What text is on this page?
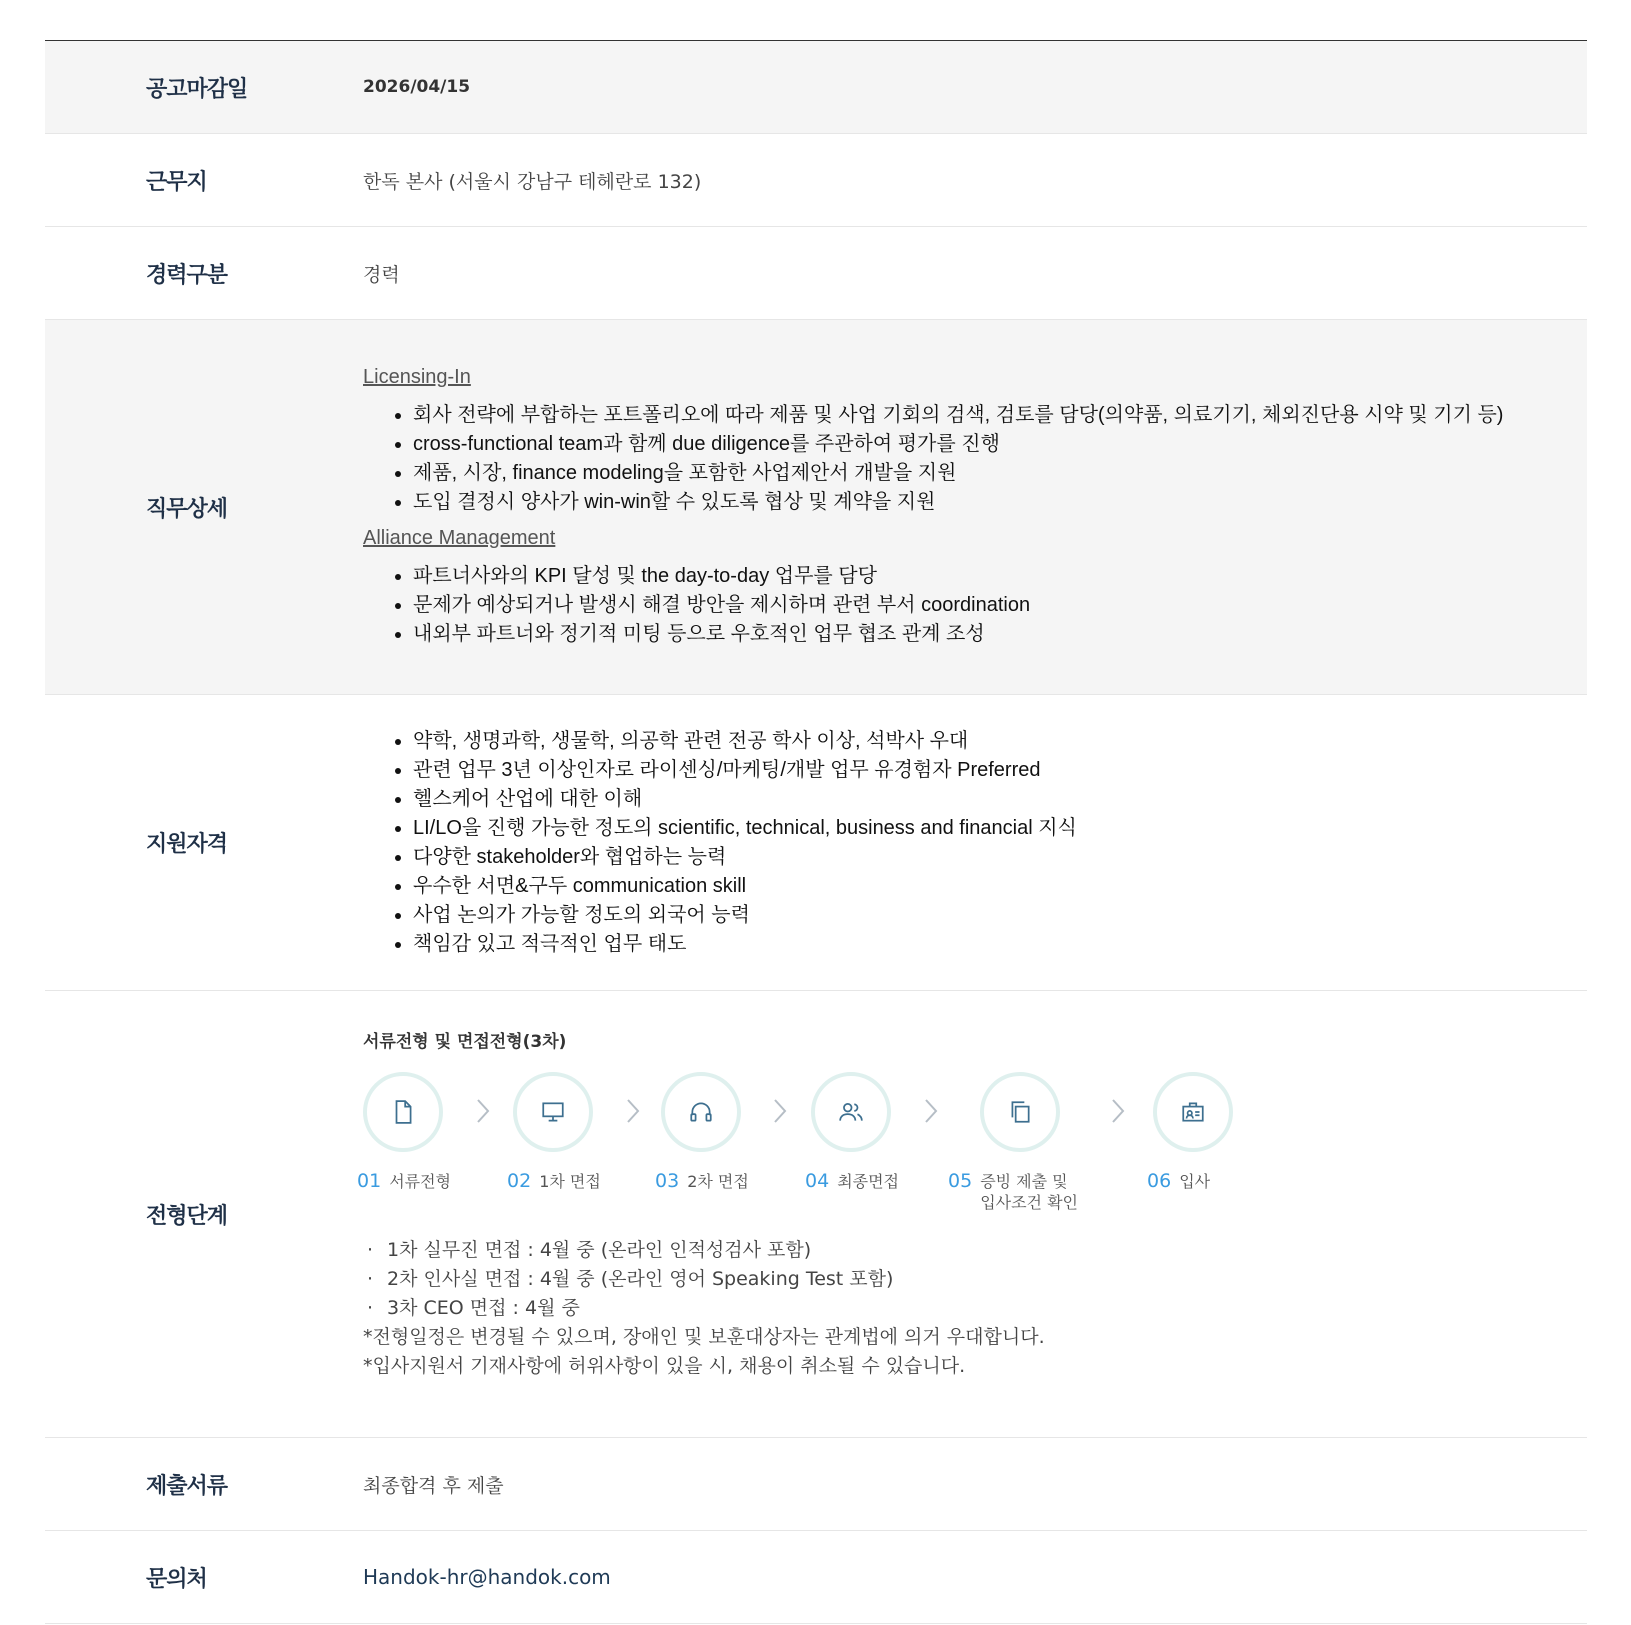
공고마감일	2026/04/15
근무지	한독 본사 (서울시 강남구 테헤란로 132)
경력구분	경력
직무상세
Licensing-In
• 회사 전략에 부합하는 포트폴리오에 따라 제품 및 사업 기회의 검색, 검토를 담당(의약품, 의료기기, 체외진단용 시약 및 기기 등)
• cross-functional team과 함께 due diligence를 주관하여 평가를 진행
• 제품, 시장, finance modeling을 포함한 사업제안서 개발을 지원
• 도입 결정시 양사가 win-win할 수 있도록 협상 및 계약을 지원
Alliance Management
• 파트너사와의 KPI 달성 및 the day-to-day 업무를 담당
• 문제가 예상되거나 발생시 해결 방안을 제시하며 관련 부서 coordination
• 내외부 파트너와 정기적 미팅 등으로 우호적인 업무 협조 관계 조성
지원자격
• 약학, 생명과학, 생물학, 의공학 관련 전공 학사 이상, 석박사 우대
• 관련 업무 3년 이상인자로 라이센싱/마케팅/개발 업무 유경험자 Preferred
• 헬스케어 산업에 대한 이해
• LI/LO을 진행 가능한 정도의 scientific, technical, business and financial 지식
• 다양한 stakeholder와 협업하는 능력
• 우수한 서면&구두 communication skill
• 사업 논의가 가능할 정도의 외국어 능력
• 책임감 있고 적극적인 업무 태도
전형단계
서류전형 및 면접전형(3차)
01 서류전형	02 1차 면접	03 2차 면접	04 최종면접	05 증빙 제출 및
입사조건 확인
06 입사
· 1차 실무진 면접 : 4월 중 (온라인 인적성검사 포함)
· 2차 인사실 면접 : 4월 중 (온라인 영어 Speaking Test 포함)
· 3차 CEO 면접 : 4월 중
*전형일정은 변경될 수 있으며, 장애인 및 보훈대상자는 관계법에 의거 우대합니다.
*입사지원서 기재사항에 허위사항이 있을 시, 채용이 취소될 수 있습니다.
제출서류	최종합격 후 제출
문의처	Handok-hr@handok.com
